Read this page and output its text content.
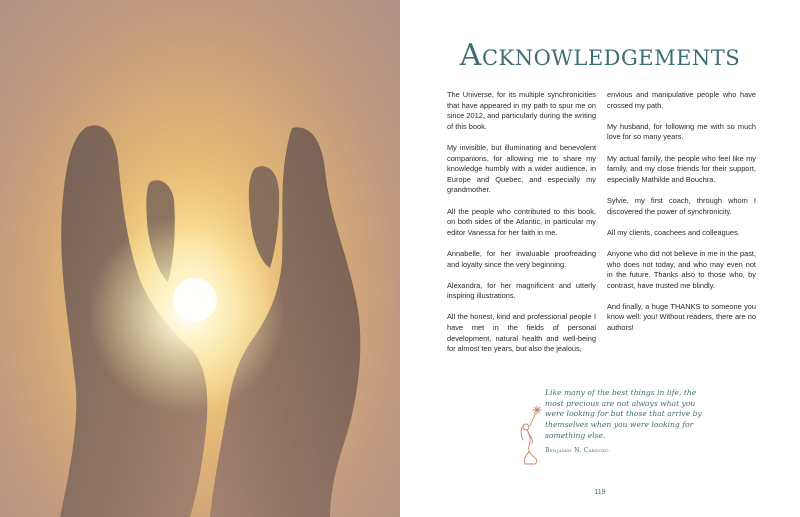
Acknowledgements

The Universe, for its multiple synchronicities that have appeared in my path to spur me on since 2012, and particularly during the writing of this book.

My invisible, but illuminating and benevolent companions, for allowing me to share my knowledge humbly with a wider audience, in Europe and Quebec, and especially my grandmother.

All the people who contributed to this book, on both sides of the Atlantic, in particular my editor Vanessa for her faith in me.

Annabelle, for her invaluable proofreading and loyalty since the very beginning.

Alexandra, for her magnificent and utterly inspiring illustrations.

All the honest, kind and professional people I have met in the fields of personal development, natural health and well-being for almost ten years, but also the jealous,

envious and manipulative people who have crossed my path.

My husband, for following me with so much love for so many years.

My actual family, the people who feel like my family, and my close friends for their support, especially Mathilde and Bouchra.

Sylvie, my first coach, through whom I discovered the power of synchronicity.

All my clients, coachees and colleagues.

Anyone who did not believe in me in the past, who does not today, and who may even not in the future. Thanks also to those who, by contrast, have trusted me blindly.

And finally, a huge THANKS to someone you know well: you! Without readers, there are no authors!

Like many of the best things in life, the most precious are not always what you were looking for but those that arrive by themselves when you were looking for something else.
Benjamin N. Cardozo
119
